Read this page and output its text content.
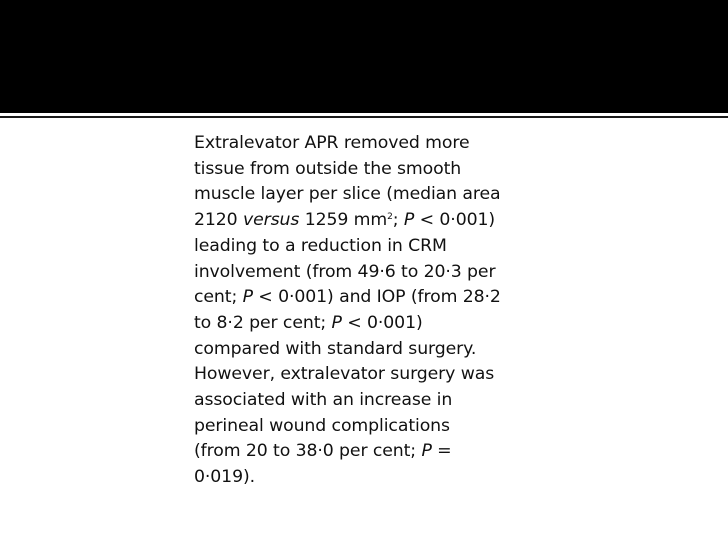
Extralevator APR removed more
tissue from outside the smooth
muscle layer per slice (median area
2120 versus 1259 $mm^2$; P < 0·001)
leading to a reduction in CRM
involvement (from 49·6 to 20·3 per
cent; P < 0·001) and IOP (from 28·2
to 8·2 per cent; P < 0·001)
compared with standard surgery.
However, extralevator surgery was
associated with an increase in
perineal wound complications
(from 20 to 38·0 per cent; P =
0·019).
